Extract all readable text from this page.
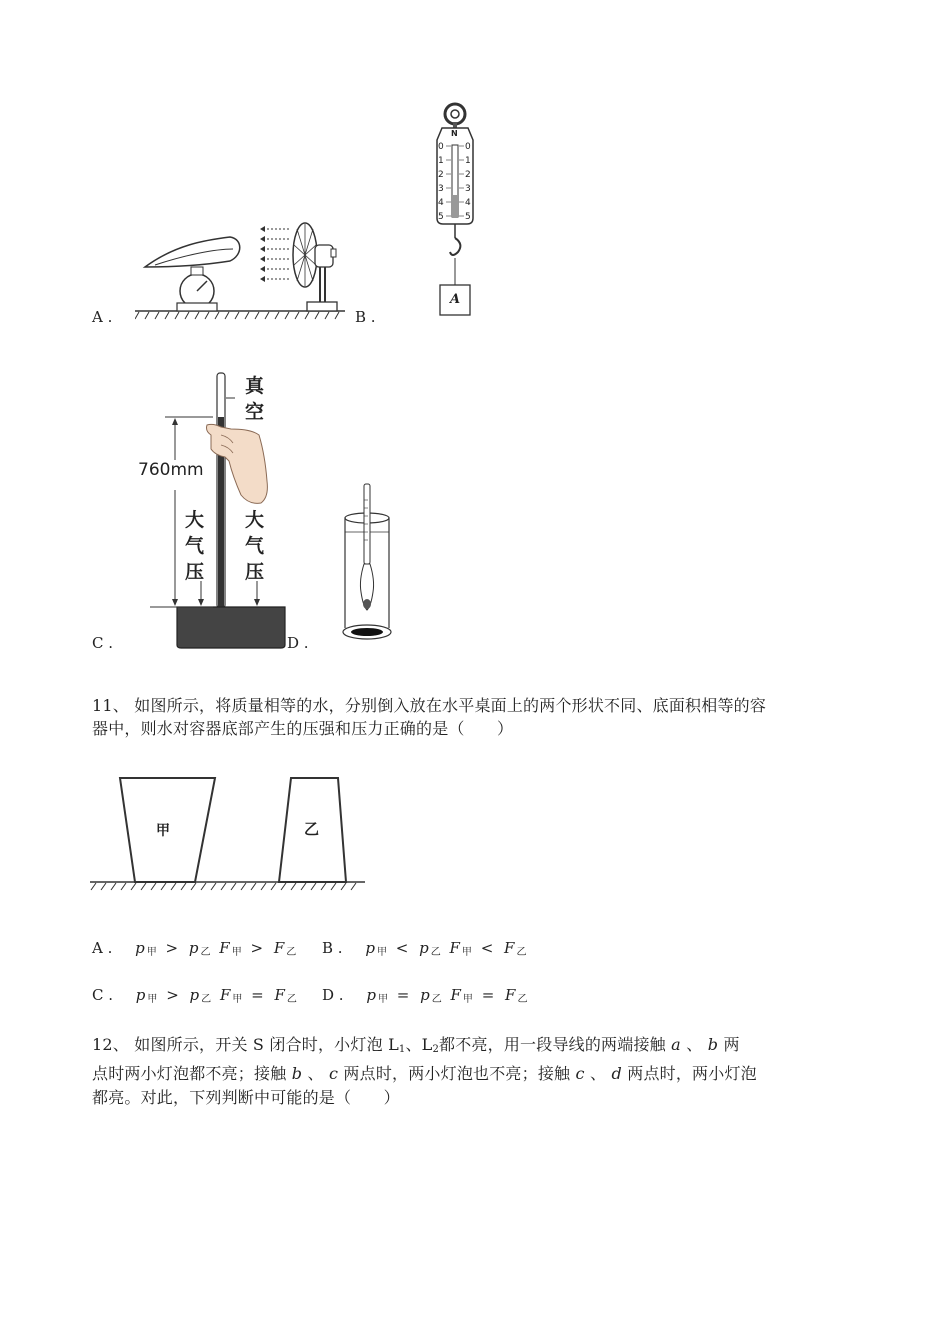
A .	B .
N
0
1
2
3
4
5
0
1
2
3
4
5
A
C .
真
空
760mm
大
气
压
大
气
压
D .
11、 如图所示，将质量相等的水，分别倒入放在水平桌面上的两个形状不同、底面积相等的容
器中，则水对容器底部产生的压强和压力正确的是（　　）
甲	乙
A . p $_甲$ > p $_乙$ F $_甲$ > F $_乙$ B . p $_甲$ < p $_乙$ F $_甲$ < F $_乙$
C . p $_甲$ > p $_乙$ F $_甲$ = F $_乙$ D . p $_甲$ = p $_乙$ F $_甲$ = F $_乙$
12、 如图所示，开关 S 闭合时，小灯泡 L1、L2都不亮，用一段导线的两端接触 a 、 b 两
点时两小灯泡都不亮；接触 b 、 c 两点时，两小灯泡也不亮；接触 c 、 d 两点时，两小灯泡
都亮。对此，下列判断中可能的是（　　）
